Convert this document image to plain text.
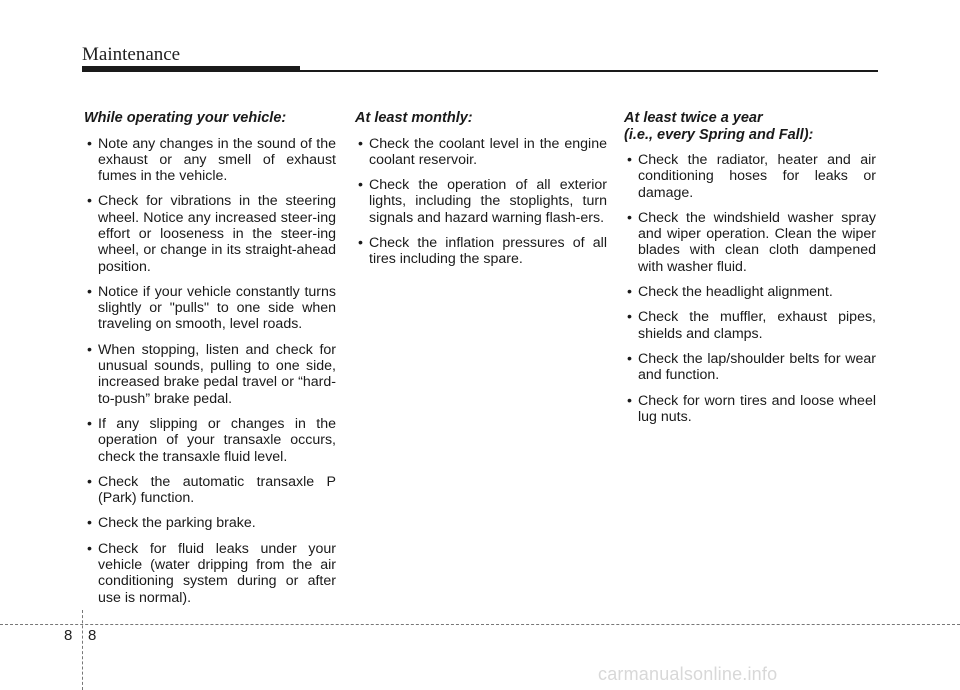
Maintenance
While operating your vehicle:
• Note any changes in the sound of the exhaust or any smell of exhaust fumes in the vehicle.
• Check for vibrations in the steering wheel. Notice any increased steer-ing effort or looseness in the steer-ing wheel, or change in its straight-ahead position.
• Notice if your vehicle constantly turns slightly or "pulls" to one side when traveling on smooth, level roads.
• When stopping, listen and check for unusual sounds, pulling to one side, increased brake pedal travel or “hard-to-push” brake pedal.
• If any slipping or changes in the operation of your transaxle occurs, check the transaxle fluid level.
• Check the automatic transaxle P (Park) function.
• Check the parking brake.
• Check for fluid leaks under your vehicle (water dripping from the air conditioning system during or after use is normal).
At least monthly:
• Check the coolant level in the engine coolant reservoir.
• Check the operation of all exterior lights, including the stoplights, turn signals and hazard warning flash-ers.
• Check the inflation pressures of all tires including the spare.
At least twice a year
(i.e., every Spring and Fall):
• Check the radiator, heater and air conditioning hoses for leaks or damage.
• Check the windshield washer spray and wiper operation. Clean the wiper blades with clean cloth dampened with washer fluid.
• Check the headlight alignment.
• Check the muffler, exhaust pipes, shields and clamps.
• Check the lap/shoulder belts for wear and function.
• Check for worn tires and loose wheel lug nuts.
8 8
carmanualsonline.info
